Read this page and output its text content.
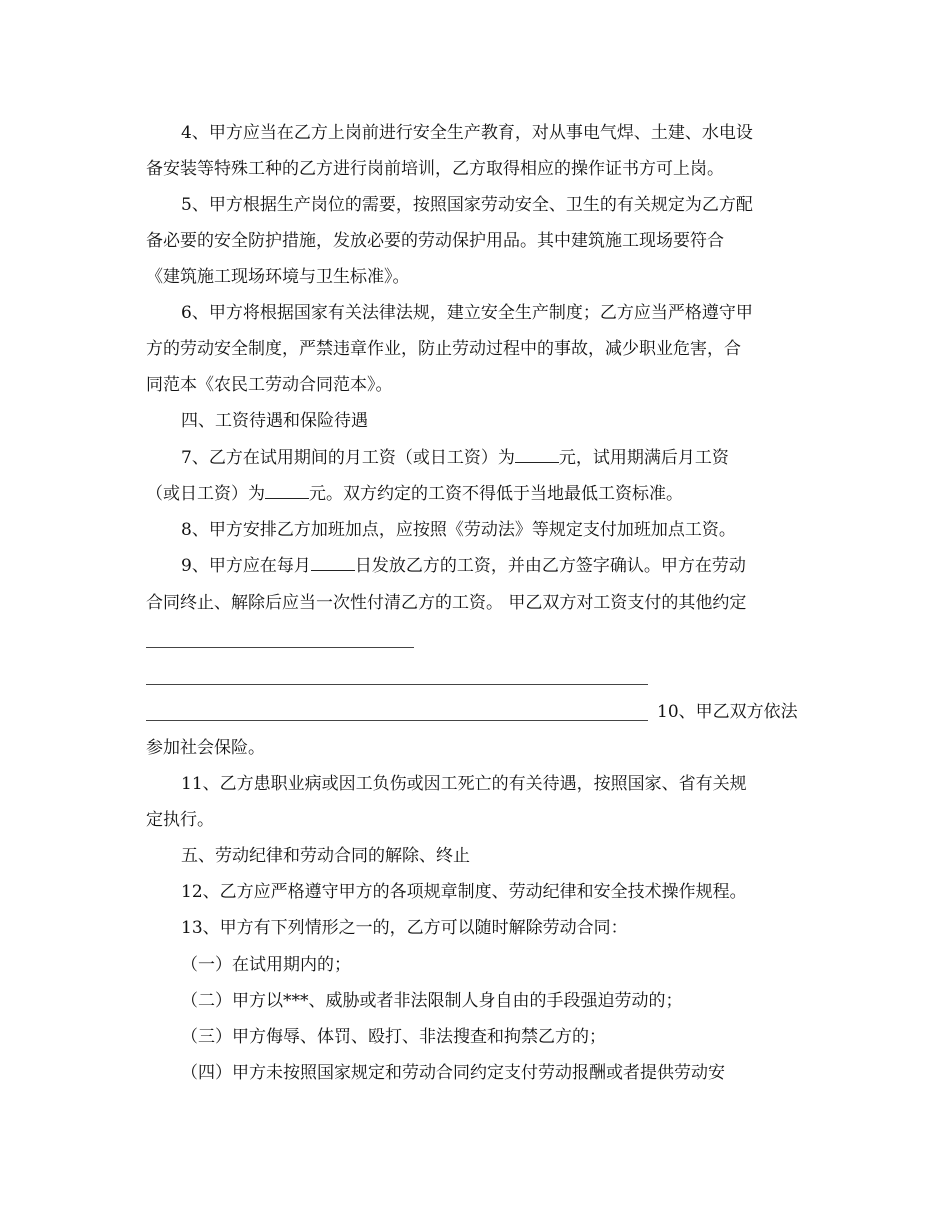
4、甲方应当在乙方上岗前进行安全生产教育，对从事电气焊、土建、水电设
备安装等特殊工种的乙方进行岗前培训，乙方取得相应的操作证书方可上岗。
5、甲方根据生产岗位的需要，按照国家劳动安全、卫生的有关规定为乙方配
备必要的安全防护措施，发放必要的劳动保护用品。其中建筑施工现场要符合
《建筑施工现场环境与卫生标准》。
6、甲方将根据国家有关法律法规，建立安全生产制度；乙方应当严格遵守甲
方的劳动安全制度，严禁违章作业，防止劳动过程中的事故，减少职业危害，合
同范本《农民工劳动合同范本》。
四、工资待遇和保险待遇
7、乙方在试用期间的月工资（或日工资）为	元，试用期满后月工资
（或日工资）为	元。双方约定的工资不得低于当地最低工资标准。
8、甲方安排乙方加班加点，应按照《劳动法》等规定支付加班加点工资。
9、甲方应在每月	日发放乙方的工资，并由乙方签字确认。甲方在劳动
合同终止、解除后应当一次性付清乙方的工资。 甲乙双方对工资支付的其他约定
10、甲乙双方依法
参加社会保险。
11、乙方患职业病或因工负伤或因工死亡的有关待遇，按照国家、省有关规
定执行。
五、劳动纪律和劳动合同的解除、终止
12、乙方应严格遵守甲方的各项规章制度、劳动纪律和安全技术操作规程。
13、甲方有下列情形之一的，乙方可以随时解除劳动合同：
（一）在试用期内的；
（二）甲方以***、威胁或者非法限制人身自由的手段强迫劳动的；
（三）甲方侮辱、体罚、殴打、非法搜查和拘禁乙方的；
（四）甲方未按照国家规定和劳动合同约定支付劳动报酬或者提供劳动安
